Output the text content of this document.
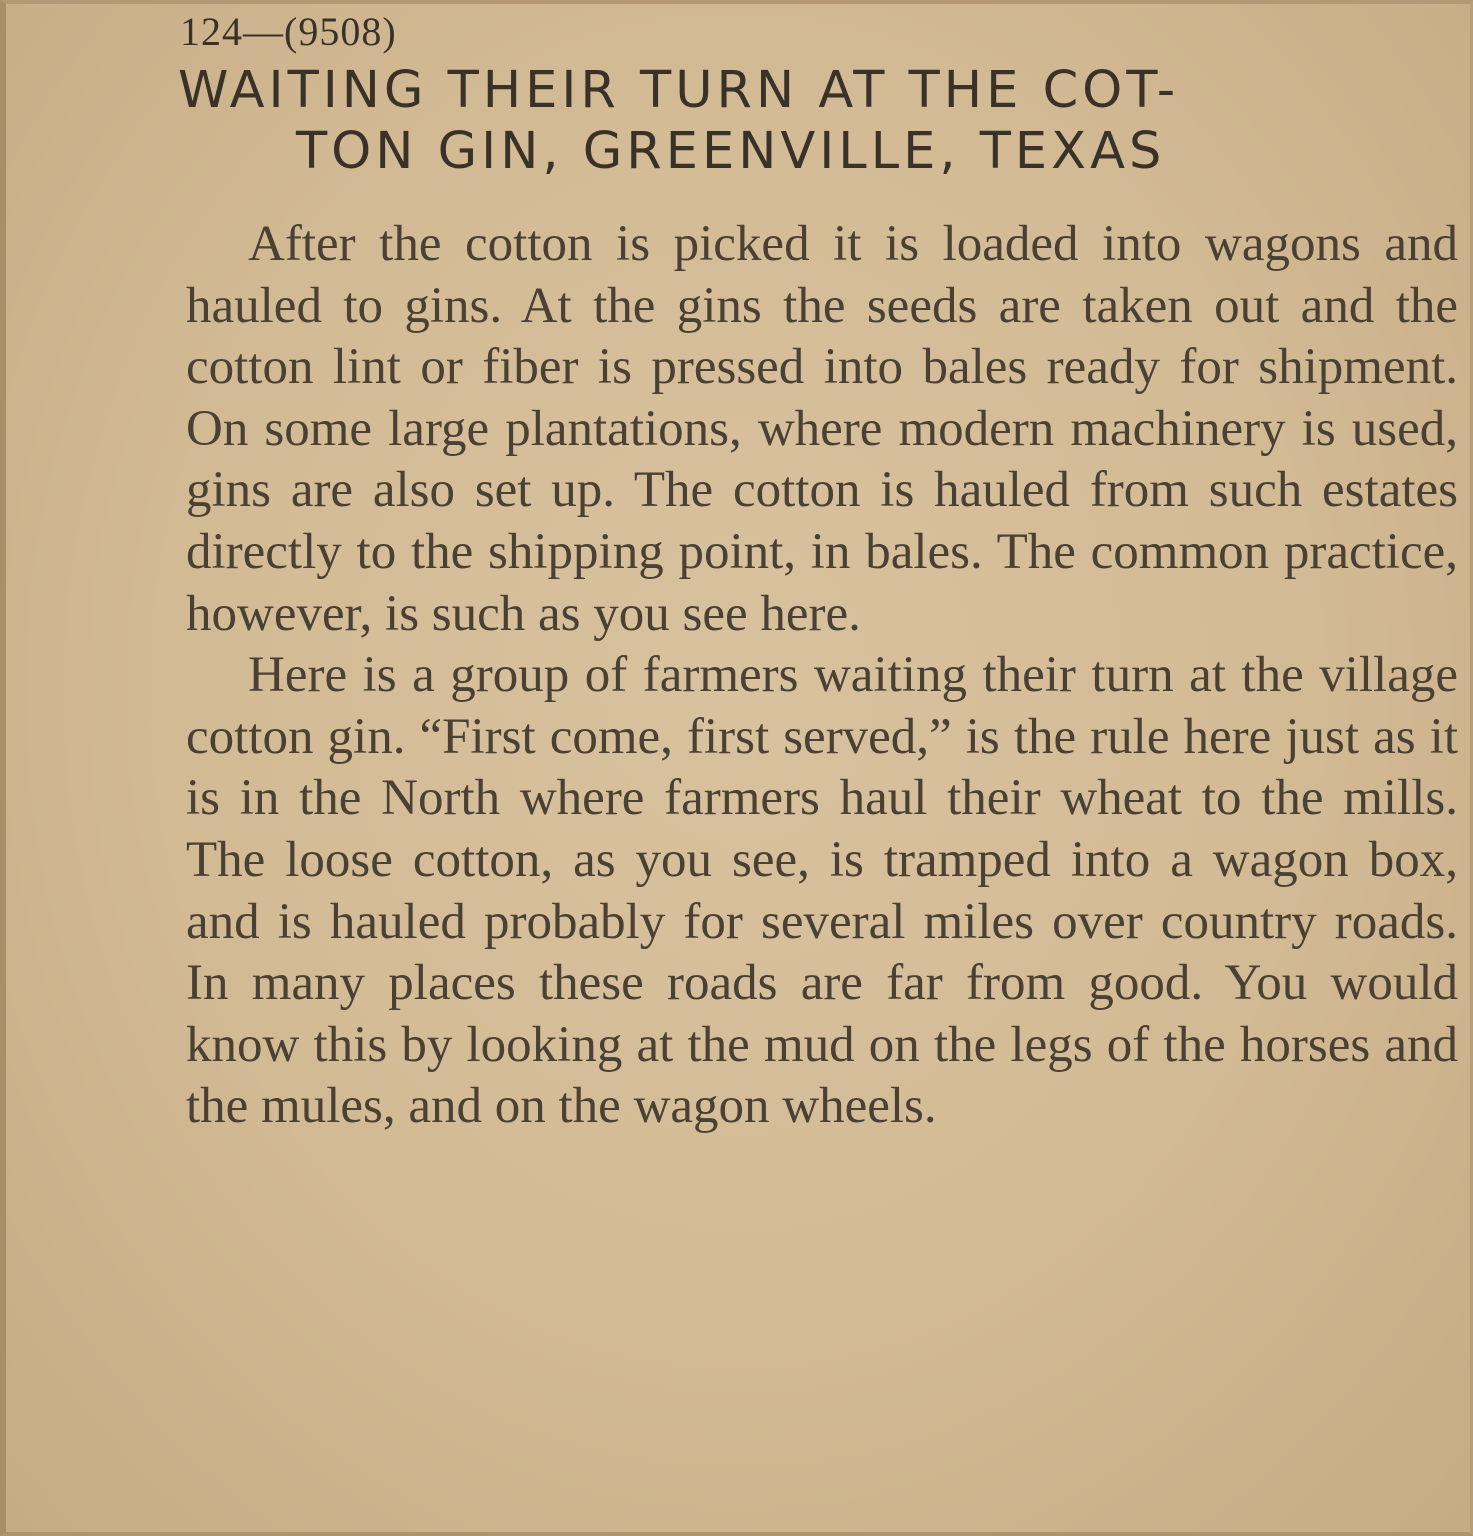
124—(9508)
WAITING THEIR TURN AT THE COT-
TON GIN, GREENVILLE, TEXAS

After the cotton is picked it is loaded into wagons and hauled to gins. At the gins the seeds are taken out and the cotton lint or fiber is pressed into bales ready for shipment. On some large plantations, where modern machinery is used, gins are also set up. The cotton is hauled from such estates directly to the shipping point, in bales. The common practice, however, is such as you see here.

Here is a group of farmers waiting their turn at the village cotton gin. “First come, first served,” is the rule here just as it is in the North where farmers haul their wheat to the mills. The loose cotton, as you see, is tramped into a wagon box, and is hauled probably for several miles over country roads. In many places these roads are far from good. You would know this by looking at the mud on the legs of the horses and the mules, and on the wagon wheels.
